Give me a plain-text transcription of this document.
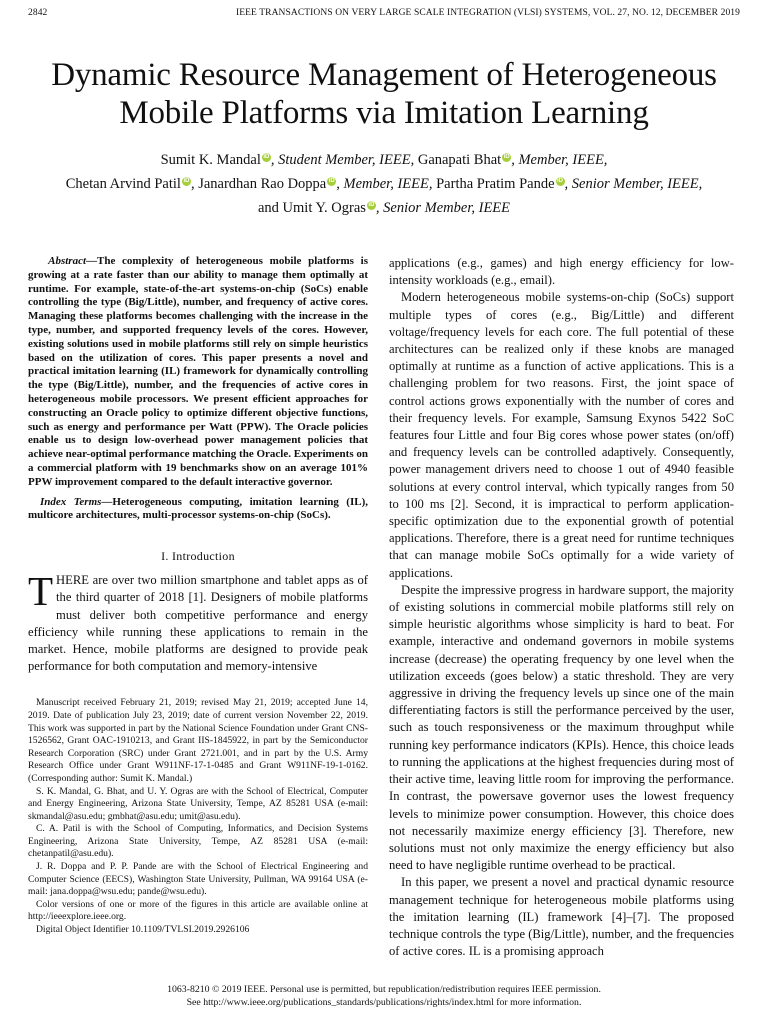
2842	IEEE TRANSACTIONS ON VERY LARGE SCALE INTEGRATION (VLSI) SYSTEMS, VOL. 27, NO. 12, DECEMBER 2019
Dynamic Resource Management of Heterogeneous
Mobile Platforms via Imitation Learning
Sumit K. Mandal iD , Student Member, IEEE, Ganapati Bhat iD , Member, IEEE,
Chetan Arvind Patil iD , Janardhan Rao Doppa iD , Member, IEEE, Partha Pratim Pande iD , Senior Member, IEEE,
and Umit Y. Ogras iD , Senior Member, IEEE

Abstract—The complexity of heterogeneous mobile platforms is growing at a rate faster than our ability to manage them optimally at runtime. For example, state-of-the-art systems-on-chip (SoCs) enable controlling the type (Big/Little), number, and frequency of active cores. Managing these platforms becomes challenging with the increase in the type, number, and supported frequency levels of the cores. However, existing solutions used in mobile platforms still rely on simple heuristics based on the utilization of cores. This paper presents a novel and practical imitation learning (IL) framework for dynamically controlling the type (Big/Little), number, and the frequencies of active cores in heterogeneous mobile processors. We present efficient approaches for constructing an Oracle policy to optimize different objective functions, such as energy and performance per Watt (PPW). The Oracle policies enable us to design low-overhead power management policies that achieve near-optimal performance matching the Oracle. Experiments on a commercial platform with 19 benchmarks show on an average 101% PPW improvement compared to the default interactive governor.

Index Terms—Heterogeneous computing, imitation learning (IL), multicore architectures, multi-processor systems-on-chip (SoCs).

I. Introduction

THERE are over two million smartphone and tablet apps as of the third quarter of 2018 [1]. Designers of mobile platforms must deliver both competitive performance and energy efficiency while running these applications to remain in the market. Hence, mobile platforms are designed to provide peak performance for both computation and memory-intensive

Manuscript received February 21, 2019; revised May 21, 2019; accepted June 14, 2019. Date of publication July 23, 2019; date of current version November 22, 2019. This work was supported in part by the National Science Foundation under Grant CNS-1526562, Grant OAC-1910213, and Grant IIS-1845922, in part by the Semiconductor Research Corporation (SRC) under Grant 2721.001, and in part by the U.S. Army Research Office under Grant W911NF-17-1-0485 and Grant W911NF-19-1-0162. (Corresponding author: Sumit K. Mandal.)

S. K. Mandal, G. Bhat, and U. Y. Ogras are with the School of Electrical, Computer and Energy Engineering, Arizona State University, Tempe, AZ 85281 USA (e-mail: skmandal@asu.edu; gmbhat@asu.edu; umit@asu.edu).

C. A. Patil is with the School of Computing, Informatics, and Decision Systems Engineering, Arizona State University, Tempe, AZ 85281 USA (e-mail: chetanpatil@asu.edu).

J. R. Doppa and P. P. Pande are with the School of Electrical Engineering and Computer Science (EECS), Washington State University, Pullman, WA 99164 USA (e-mail: jana.doppa@wsu.edu; pande@wsu.edu).

Color versions of one or more of the figures in this article are available online at http://ieeexplore.ieee.org.

Digital Object Identifier 10.1109/TVLSI.2019.2926106

applications (e.g., games) and high energy efficiency for low-intensity workloads (e.g., email).

Modern heterogeneous mobile systems-on-chip (SoCs) support multiple types of cores (e.g., Big/Little) and different voltage/frequency levels for each core. The full potential of these architectures can be realized only if these knobs are managed optimally at runtime as a function of active applications. This is a challenging problem for two reasons. First, the joint space of control actions grows exponentially with the number of cores and their frequency levels. For example, Samsung Exynos 5422 SoC features four Little and four Big cores whose power states (on/off) and frequency levels can be controlled adaptively. Consequently, power management drivers need to choose 1 out of 4940 feasible solutions at every control interval, which typically ranges from 50 to 100 ms [2]. Second, it is impractical to perform application-specific optimization due to the exponential growth of potential applications. Therefore, there is a great need for runtime techniques that can manage mobile SoCs optimally for a wide variety of applications.

Despite the impressive progress in hardware support, the majority of existing solutions in commercial mobile platforms still rely on simple heuristic algorithms whose simplicity is hard to beat. For example, interactive and ondemand governors in mobile systems increase (decrease) the operating frequency by one level when the utilization exceeds (goes below) a static threshold. They are very aggressive in driving the frequency levels up since one of the main differentiating factors is still the performance perceived by the user, such as touch responsiveness or the maximum throughput while running key performance indicators (KPIs). Hence, this choice leads to running the applications at the highest frequencies during most of their active time, leaving little room for improving the performance. In contrast, the powersave governor uses the lowest frequency levels to minimize power consumption. However, this choice does not necessarily maximize energy efficiency [3]. Therefore, new solutions must not only maximize the energy efficiency but also need to have negligible runtime overhead to be practical.

In this paper, we present a novel and practical dynamic resource management technique for heterogeneous mobile platforms using the imitation learning (IL) framework [4]–[7]. The proposed technique controls the type (Big/Little), number, and the frequencies of active cores. IL is a promising approach

1063-8210 © 2019 IEEE. Personal use is permitted, but republication/redistribution requires IEEE permission.
See http://www.ieee.org/publications_standards/publications/rights/index.html for more information.
